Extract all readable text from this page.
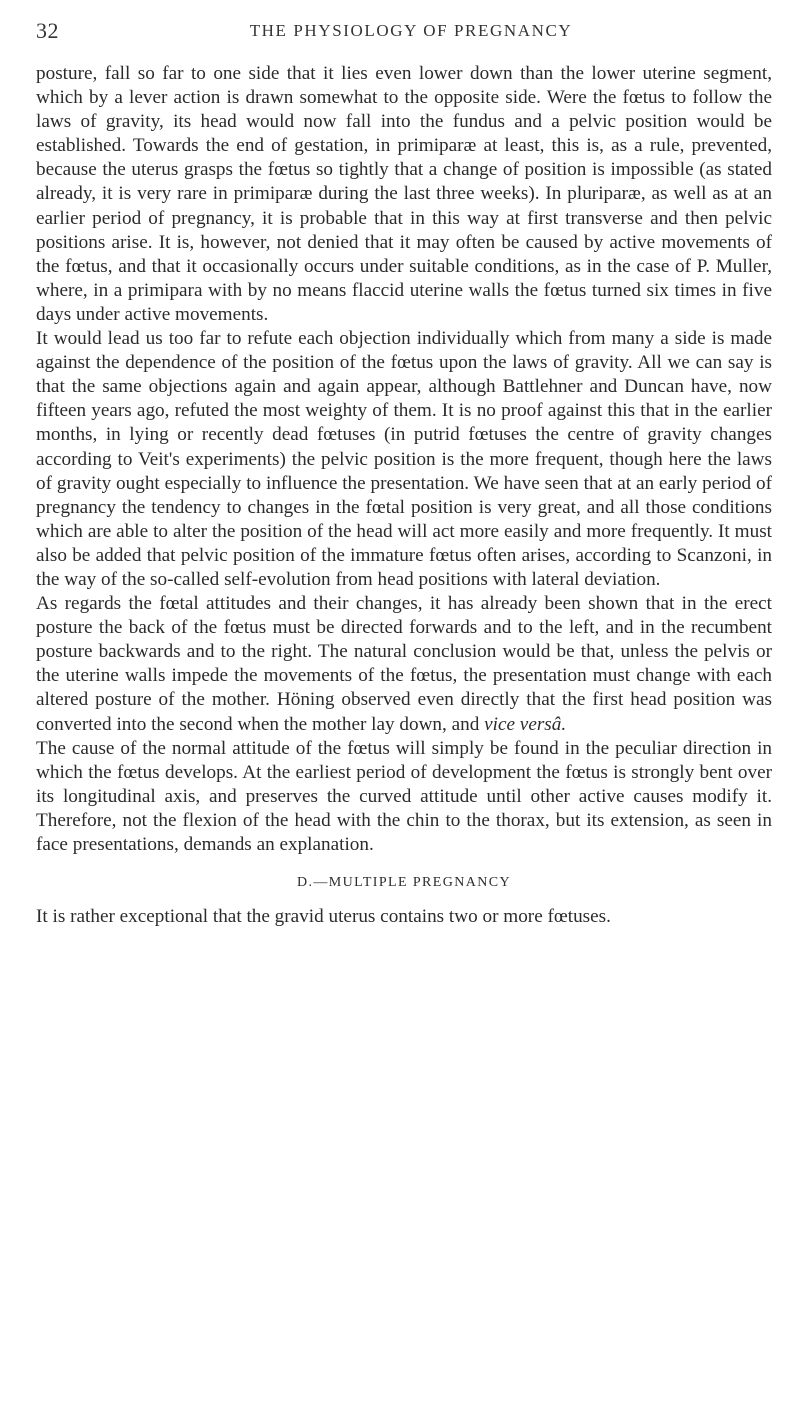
32	THE PHYSIOLOGY OF PREGNANCY

posture, fall so far to one side that it lies even lower down than the lower uterine segment, which by a lever action is drawn somewhat to the opposite side. Were the fœtus to follow the laws of gravity, its head would now fall into the fundus and a pelvic position would be established. Towards the end of gestation, in primiparæ at least, this is, as a rule, prevented, because the uterus grasps the fœtus so tightly that a change of position is impossible (as stated already, it is very rare in primiparæ during the last three weeks). In pluriparæ, as well as at an earlier period of pregnancy, it is probable that in this way at first transverse and then pelvic positions arise. It is, however, not denied that it may often be caused by active movements of the fœtus, and that it occasionally occurs under suitable conditions, as in the case of P. Muller, where, in a primipara with by no means flaccid uterine walls the fœtus turned six times in five days under active movements.

It would lead us too far to refute each objection individually which from many a side is made against the dependence of the position of the fœtus upon the laws of gravity. All we can say is that the same objections again and again appear, although Battlehner and Duncan have, now fifteen years ago, refuted the most weighty of them. It is no proof against this that in the earlier months, in lying or recently dead fœtuses (in putrid fœtuses the centre of gravity changes according to Veit's experiments) the pelvic position is the more frequent, though here the laws of gravity ought especially to influence the presentation. We have seen that at an early period of pregnancy the tendency to changes in the fœtal position is very great, and all those conditions which are able to alter the position of the head will act more easily and more frequently. It must also be added that pelvic position of the immature fœtus often arises, according to Scanzoni, in the way of the so-called self-evolution from head positions with lateral deviation.

As regards the fœtal attitudes and their changes, it has already been shown that in the erect posture the back of the fœtus must be directed forwards and to the left, and in the recumbent posture backwards and to the right. The natural conclusion would be that, unless the pelvis or the uterine walls impede the movements of the fœtus, the presentation must change with each altered posture of the mother. Höning observed even directly that the first head position was converted into the second when the mother lay down, and vice versâ.

The cause of the normal attitude of the fœtus will simply be found in the peculiar direction in which the fœtus develops. At the earliest period of development the fœtus is strongly bent over its longitudinal axis, and preserves the curved attitude until other active causes modify it. Therefore, not the flexion of the head with the chin to the thorax, but its extension, as seen in face presentations, demands an explanation.

D.—MULTIPLE PREGNANCY

It is rather exceptional that the gravid uterus contains two or more fœtuses.
